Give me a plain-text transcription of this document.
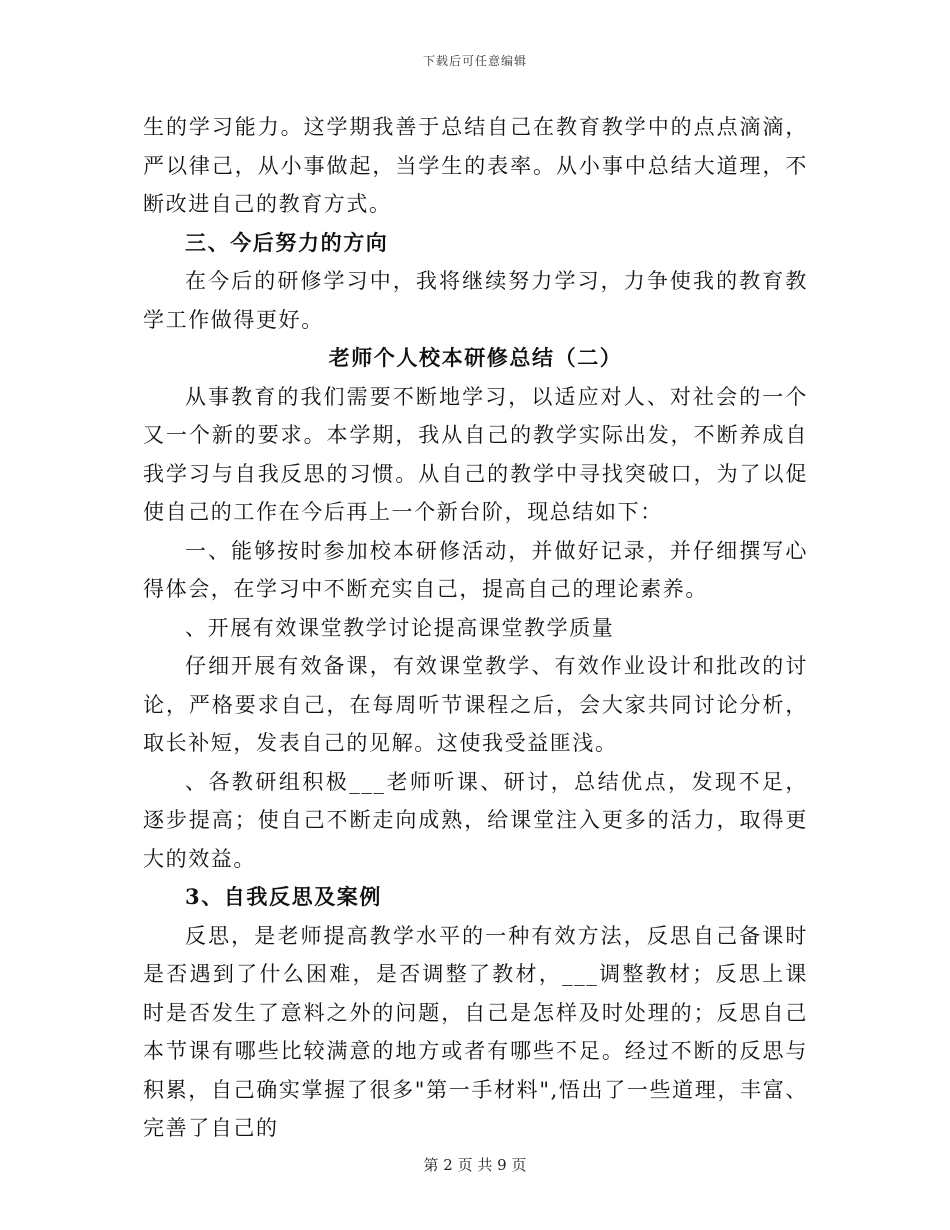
下载后可任意编辑

生的学习能力。这学期我善于总结自己在教育教学中的点点滴滴，严以律己，从小事做起，当学生的表率。从小事中总结大道理，不断改进自己的教育方式。

三、今后努力的方向

在今后的研修学习中，我将继续努力学习，力争使我的教育教学工作做得更好。

老师个人校本研修总结（二）

从事教育的我们需要不断地学习，以适应对人、对社会的一个又一个新的要求。本学期，我从自己的教学实际出发，不断养成自我学习与自我反思的习惯。从自己的教学中寻找突破口，为了以促使自己的工作在今后再上一个新台阶，现总结如下：

一、能够按时参加校本研修活动，并做好记录，并仔细撰写心得体会，在学习中不断充实自己，提高自己的理论素养。

、开展有效课堂教学讨论提高课堂教学质量

仔细开展有效备课，有效课堂教学、有效作业设计和批改的讨论，严格要求自己，在每周听节课程之后，会大家共同讨论分析，取长补短，发表自己的见解。这使我受益匪浅。

、各教研组积极___老师听课、研讨，总结优点，发现不足，逐步提高；使自己不断走向成熟，给课堂注入更多的活力，取得更大的效益。

3、自我反思及案例

反思，是老师提高教学水平的一种有效方法，反思自己备课时是否遇到了什么困难，是否调整了教材，___调整教材；反思上课时是否发生了意料之外的问题，自己是怎样及时处理的；反思自己本节课有哪些比较满意的地方或者有哪些不足。经过不断的反思与积累，自己确实掌握了很多"第一手材料",悟出了一些道理，丰富、完善了自己的

第 2 页 共 9 页
